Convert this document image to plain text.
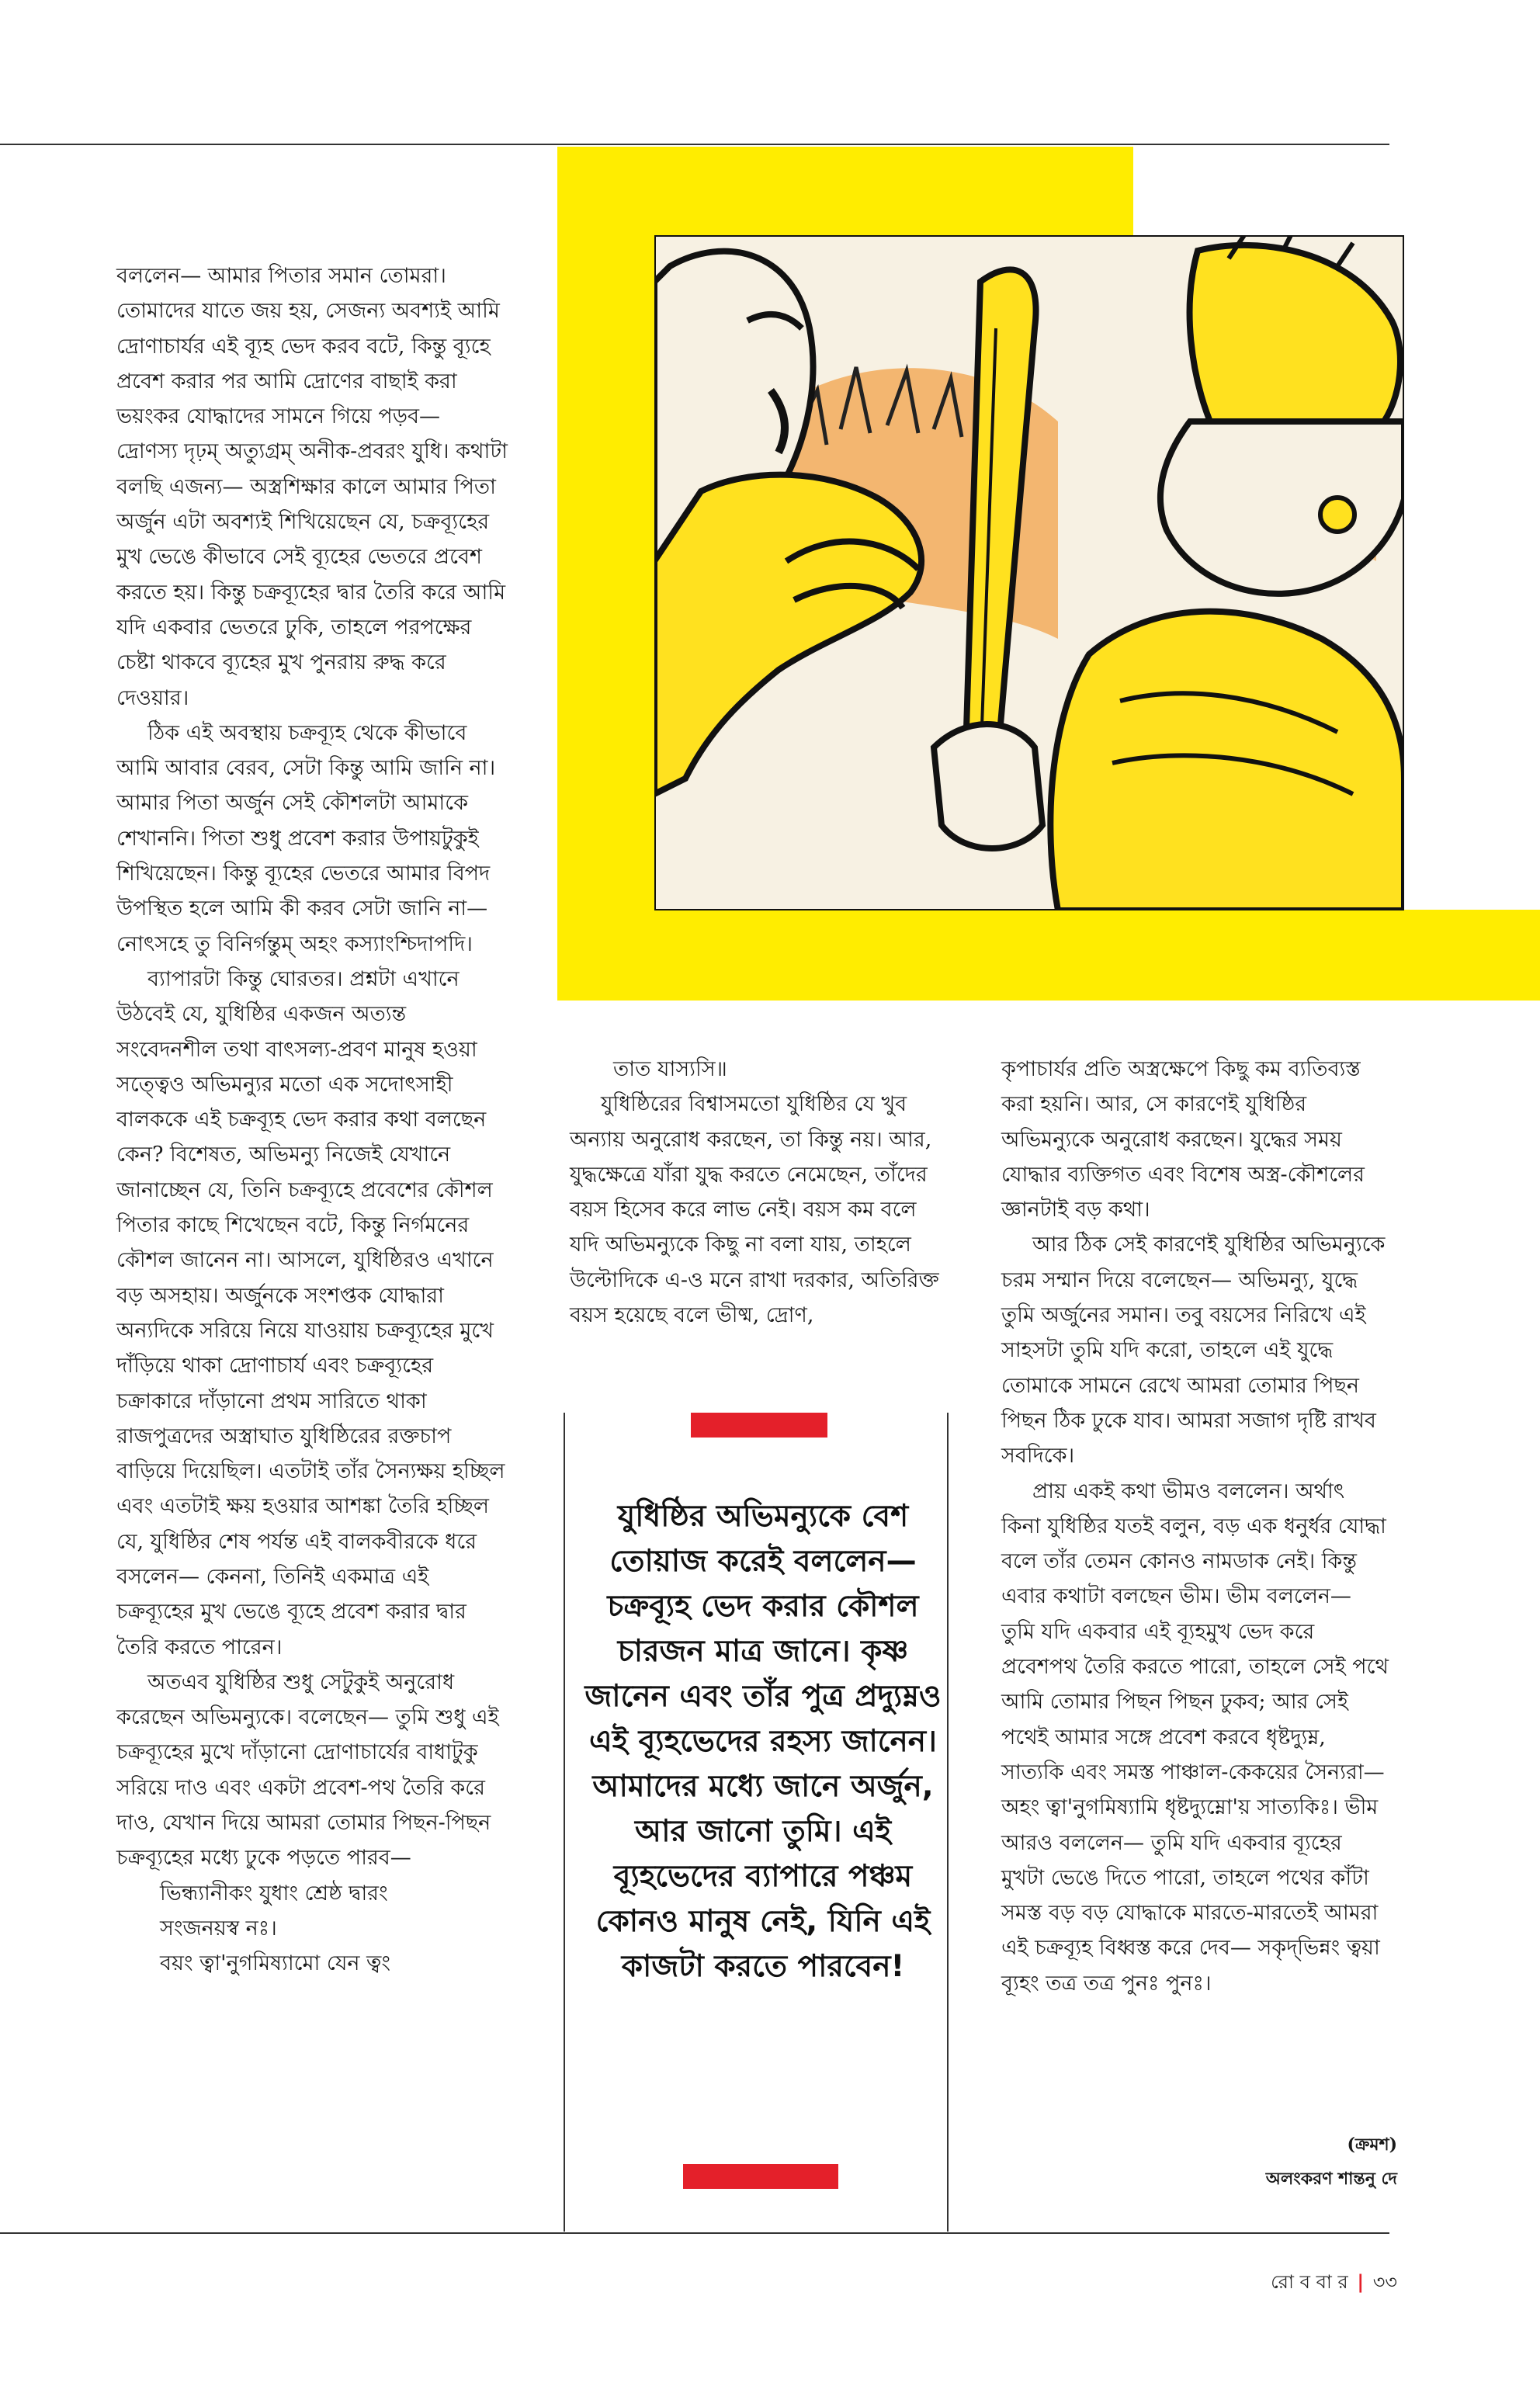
বললেন— আমার পিতার সমান তোমরা। তোমাদের যাতে জয় হয়, সেজন্য অবশ্যই আমি দ্রোণাচার্যর এই ব্যূহ ভেদ করব বটে, কিন্তু ব্যূহে প্রবেশ করার পর আমি দ্রোণের বাছাই করা ভয়ংকর যোদ্ধাদের সামনে গিয়ে পড়ব— দ্রোণস্য দৃঢ়ম্ অত্যুগ্রম্ অনীক-প্রবরং যুধি। কথাটা বলছি এজন্য— অস্ত্রশিক্ষার কালে আমার পিতা অর্জুন এটা অবশ্যই শিখিয়েছেন যে, চক্রব্যূহের মুখ ভেঙে কীভাবে সেই ব্যূহের ভেতরে প্রবেশ করতে হয়। কিন্তু চক্রব্যূহের দ্বার তৈরি করে আমি যদি একবার ভেতরে ঢুকি, তাহলে পরপক্ষের চেষ্টা থাকবে ব্যূহের মুখ পুনরায় রুদ্ধ করে দেওয়ার।

ঠিক এই অবস্থায় চক্রব্যূহ থেকে কীভাবে আমি আবার বেরব, সেটা কিন্তু আমি জানি না। আমার পিতা অর্জুন সেই কৌশলটা আমাকে শেখাননি। পিতা শুধু প্রবেশ করার উপায়টুকুই শিখিয়েছেন। কিন্তু ব্যূহের ভেতরে আমার বিপদ উপস্থিত হলে আমি কী করব সেটা জানি না— নোৎসহে তু বিনির্গন্তুম্ অহং কস্যাংশ্চিদাপদি।

ব্যাপারটা কিন্তু ঘোরতর। প্রশ্নটা এখানে উঠবেই যে, যুধিষ্ঠির একজন অত্যন্ত সংবেদনশীল তথা বাৎসল্য-প্রবণ মানুষ হওয়া সত্ত্বেও অভিমন্যুর মতো এক সদোৎসাহী বালককে এই চক্রব্যূহ ভেদ করার কথা বলছেন কেন? বিশেষত, অভিমন্যু নিজেই যেখানে জানাচ্ছেন যে, তিনি চক্রব্যূহে প্রবেশের কৌশল পিতার কাছে শিখেছেন বটে, কিন্তু নির্গমনের কৌশল জানেন না। আসলে, যুধিষ্ঠিরও এখানে বড় অসহায়। অর্জুনকে সংশপ্তক যোদ্ধারা অন্যদিকে সরিয়ে নিয়ে যাওয়ায় চক্রব্যূহের মুখে দাঁড়িয়ে থাকা দ্রোণাচার্য এবং চক্রব্যূহের চক্রাকারে দাঁড়ানো প্রথম সারিতে থাকা রাজপুত্রদের অস্ত্রাঘাত যুধিষ্ঠিরের রক্তচাপ বাড়িয়ে দিয়েছিল। এতটাই তাঁর সৈন্যক্ষয় হচ্ছিল এবং এতটাই ক্ষয় হওয়ার আশঙ্কা তৈরি হচ্ছিল যে, যুধিষ্ঠির শেষ পর্যন্ত এই বালকবীরকে ধরে বসলেন— কেননা, তিনিই একমাত্র এই চক্রব্যূহের মুখ ভেঙে ব্যূহে প্রবেশ করার দ্বার তৈরি করতে পারেন।

অতএব যুধিষ্ঠির শুধু সেটুকুই অনুরোধ করেছেন অভিমন্যুকে। বলেছেন— তুমি শুধু এই চক্রব্যূহের মুখে দাঁড়ানো দ্রোণাচার্যের বাধাটুকু সরিয়ে দাও এবং একটা প্রবেশ-পথ তৈরি করে দাও, যেখান দিয়ে আমরা তোমার পিছন-পিছন চক্রব্যূহের মধ্যে ঢুকে পড়তে পারব—

ভিন্ধ্যানীকং যুধাং শ্রেষ্ঠ দ্বারং

সংজনয়স্ব নঃ।

বয়ং ত্বা'নুগমিষ্যামো যেন ত্বং

তাত যাস্যসি॥

যুধিষ্ঠিরের বিশ্বাসমতো যুধিষ্ঠির যে খুব অন্যায় অনুরোধ করছেন, তা কিন্তু নয়। আর, যুদ্ধক্ষেত্রে যাঁরা যুদ্ধ করতে নেমেছেন, তাঁদের বয়স হিসেব করে লাভ নেই। বয়স কম বলে যদি অভিমন্যুকে কিছু না বলা যায়, তাহলে উল্টোদিকে এ-ও মনে রাখা দরকার, অতিরিক্ত বয়স হয়েছে বলে ভীষ্ম, দ্রোণ,

যুধিষ্ঠির অভিমন্যুকে বেশ তোয়াজ করেই বললেন— চক্রব্যূহ ভেদ করার কৌশল চারজন মাত্র জানে। কৃষ্ণ জানেন এবং তাঁর পুত্র প্রদ্যুম্নও এই ব্যূহভেদের রহস্য জানেন। আমাদের মধ্যে জানে অর্জুন, আর জানো তুমি। এই ব্যূহভেদের ব্যাপারে পঞ্চম কোনও মানুষ নেই, যিনি এই কাজটা করতে পারবেন!

কৃপাচার্যর প্রতি অস্ত্রক্ষেপে কিছু কম ব্যতিব্যস্ত করা হয়নি। আর, সে কারণেই যুধিষ্ঠির অভিমন্যুকে অনুরোধ করছেন। যুদ্ধের সময় যোদ্ধার ব্যক্তিগত এবং বিশেষ অস্ত্র-কৌশলের জ্ঞানটাই বড় কথা।

আর ঠিক সেই কারণেই যুধিষ্ঠির অভিমন্যুকে চরম সম্মান দিয়ে বলেছেন— অভিমন্যু, যুদ্ধে তুমি অর্জুনের সমান। তবু বয়সের নিরিখে এই সাহসটা তুমি যদি করো, তাহলে এই যুদ্ধে তোমাকে সামনে রেখে আমরা তোমার পিছন পিছন ঠিক ঢুকে যাব। আমরা সজাগ দৃষ্টি রাখব সবদিকে।

প্রায় একই কথা ভীমও বললেন। অর্থাৎ কিনা যুধিষ্ঠির যতই বলুন, বড় এক ধনুর্ধর যোদ্ধা বলে তাঁর তেমন কোনও নামডাক নেই। কিন্তু এবার কথাটা বলছেন ভীম। ভীম বললেন— তুমি যদি একবার এই ব্যূহমুখ ভেদ করে প্রবেশপথ তৈরি করতে পারো, তাহলে সেই পথে আমি তোমার পিছন পিছন ঢুকব; আর সেই পথেই আমার সঙ্গে প্রবেশ করবে ধৃষ্টদ্যুম্ন, সাত্যকি এবং সমস্ত পাঞ্চাল-কেকয়ের সৈন্যরা— অহং ত্বা'নুগমিষ্যামি ধৃষ্টদ্যুম্নো'য় সাত্যকিঃ। ভীম আরও বললেন— তুমি যদি একবার ব্যূহের মুখটা ভেঙে দিতে পারো, তাহলে পথের কাঁটা সমস্ত বড় বড় যোদ্ধাকে মারতে-মারতেই আমরা এই চক্রব্যূহ বিধ্বস্ত করে দেব— সকৃদ্‌ভিন্নং ত্বয়া ব্যূহং তত্র তত্র পুনঃ পুনঃ।

(ক্রমশ)
অলংকরণ শান্তনু দে
রো ব বা র | ৩৩
